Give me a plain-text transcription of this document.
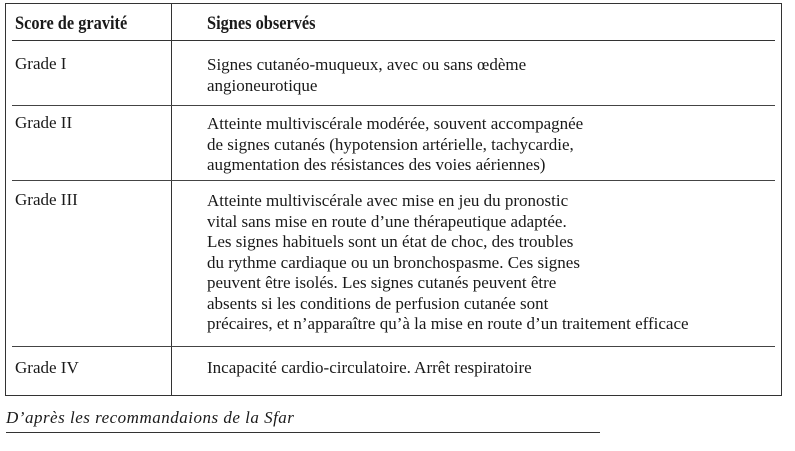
Score de gravité	Signes observés
Grade I	Signes cutanéo-muqueux, avec ou sans œdème
angioneurotique
Grade II	Atteinte multiviscérale modérée, souvent accompagnée
de signes cutanés (hypotension artérielle, tachycardie,
augmentation des résistances des voies aériennes)
Grade III	Atteinte multiviscérale avec mise en jeu du pronostic
vital sans mise en route d’une thérapeutique adaptée.
Les signes habituels sont un état de choc, des troubles
du rythme cardiaque ou un bronchospasme. Ces signes
peuvent être isolés. Les signes cutanés peuvent être
absents si les conditions de perfusion cutanée sont
précaires, et n’apparaître qu’à la mise en route d’un traitement efficace
Grade IV	Incapacité cardio-circulatoire. Arrêt respiratoire
D’après les recommandaions de la Sfar
